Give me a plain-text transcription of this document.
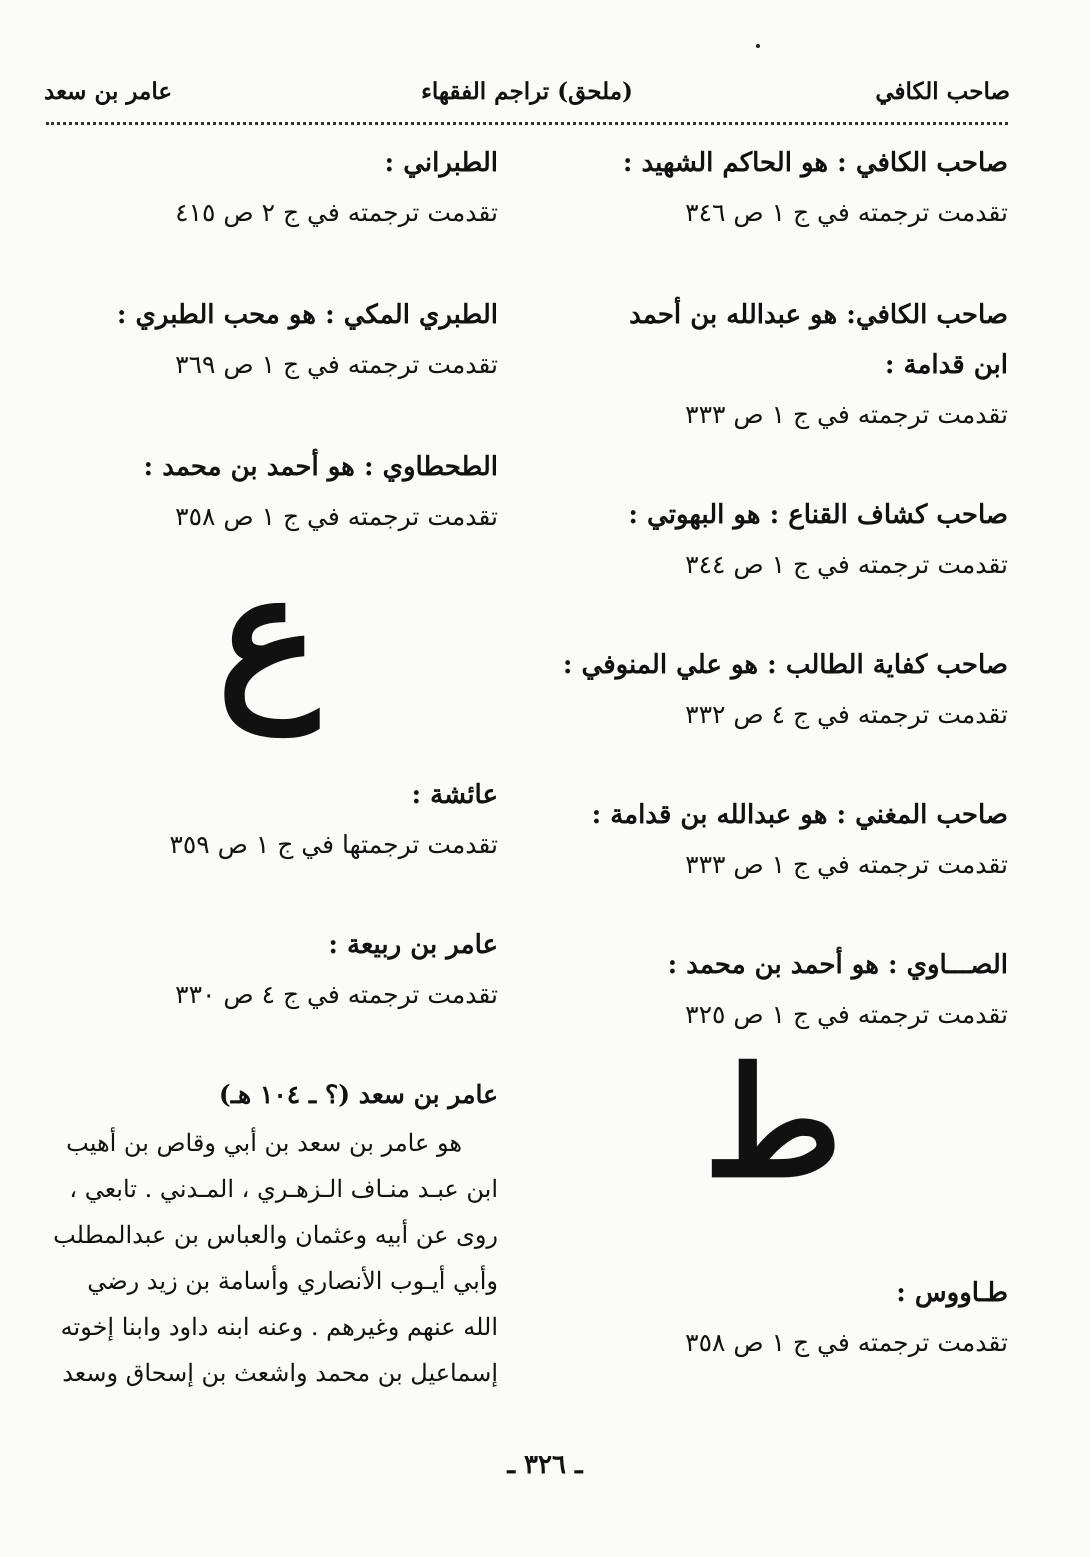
صاحب الكافي
(ملحق) تراجم الفقهاء
عامر بن سعد
صاحب الكافي : هو الحاكم الشهيد :
تقدمت ترجمته في ج ١ ص ٣٤٦
صاحب الكافي: هو عبدالله بن أحمد
ابن قدامة :
تقدمت ترجمته في ج ١ ص ٣٣٣
صاحب كشاف القناع : هو البهوتي :
تقدمت ترجمته في ج ١ ص ٣٤٤
صاحب كفاية الطالب : هو علي المنوفي :
تقدمت ترجمته في ج ٤ ص ٣٣٢
صاحب المغني : هو عبدالله بن قدامة :
تقدمت ترجمته في ج ١ ص ٣٣٣
الصـــاوي : هو أحمد بن محمد :
تقدمت ترجمته في ج ١ ص ٣٢٥
ط
طـاووس :
تقدمت ترجمته في ج ١ ص ٣٥٨
الطبراني :
تقدمت ترجمته في ج ٢ ص ٤١٥
الطبري المكي : هو محب الطبري :
تقدمت ترجمته في ج ١ ص ٣٦٩
الطحطاوي : هو أحمد بن محمد :
تقدمت ترجمته في ج ١ ص ٣٥٨
ع
عائشة :
تقدمت ترجمتها في ج ١ ص ٣٥٩
عامر بن ربيعة :
تقدمت ترجمته في ج ٤ ص ٣٣٠
عامر بن سعد (؟ ـ ١٠٤ هـ)

هو عامر بن سعد بن أبي وقاص بن أهيب

ابن عبـد منـاف الـزهـري ، المـدني . تابعي ،

روى عن أبيه وعثمان والعباس بن عبدالمطلب

وأبي أيـوب الأنصاري وأسامة بن زيد رضي

الله عنهم وغيرهم . وعنه ابنه داود وابنا إخوته

إسماعيل بن محمد واشعث بن إسحاق وسعد

ـ ٣٢٦ ـ
